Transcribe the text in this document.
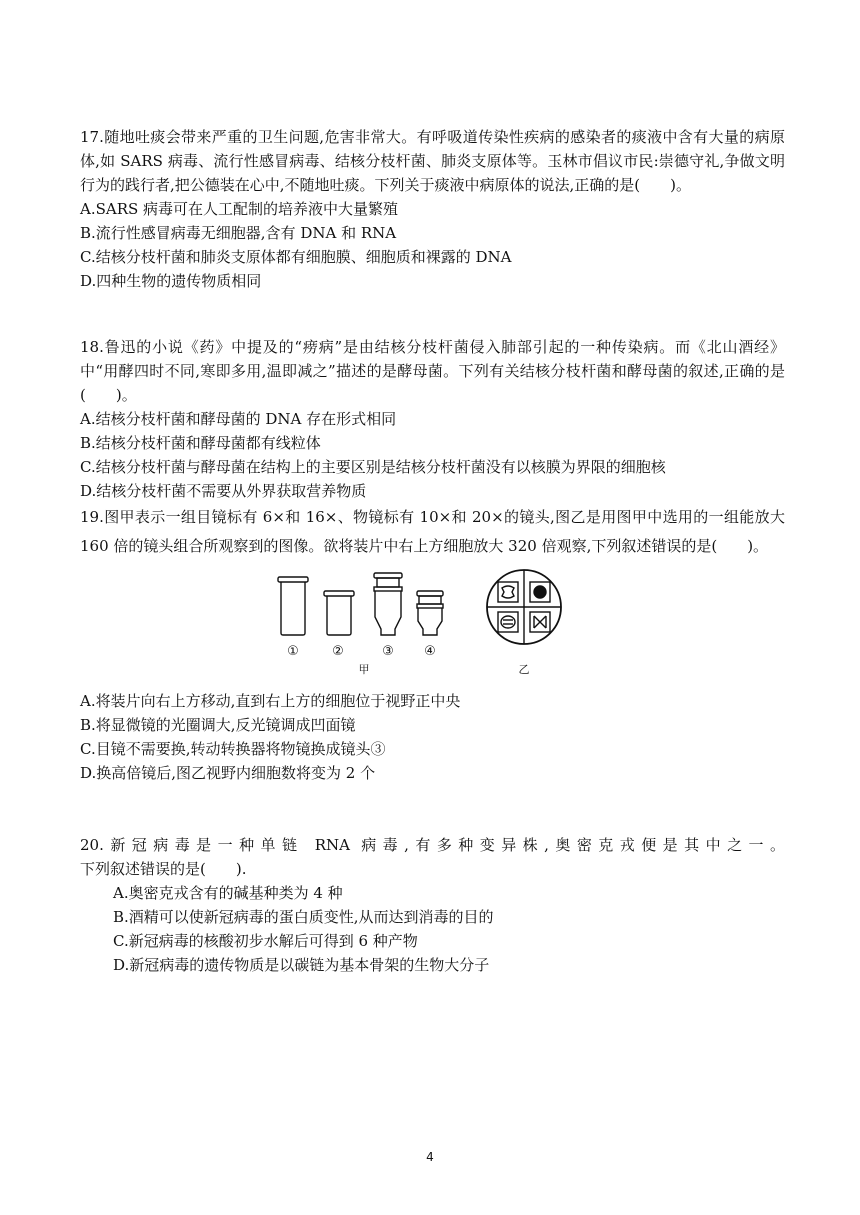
17.随地吐痰会带来严重的卫生问题,危害非常大。有呼吸道传染性疾病的感染者的痰液中含有大量的病原体,如 SARS 病毒、流行性感冒病毒、结核分枝杆菌、肺炎支原体等。玉林市倡议市民:崇德守礼,争做文明行为的践行者,把公德装在心中,不随地吐痰。下列关于痰液中病原体的说法,正确的是(　　)。

A.SARS 病毒可在人工配制的培养液中大量繁殖

B.流行性感冒病毒无细胞器,含有 DNA 和 RNA

C.结核分枝杆菌和肺炎支原体都有细胞膜、细胞质和裸露的 DNA

D.四种生物的遗传物质相同

18.鲁迅的小说《药》中提及的“痨病”是由结核分枝杆菌侵入肺部引起的一种传染病。而《北山酒经》中“用酵四时不同,寒即多用,温即减之”描述的是酵母菌。下列有关结核分枝杆菌和酵母菌的叙述,正确的是(　　)。

A.结核分枝杆菌和酵母菌的 DNA 存在形式相同

B.结核分枝杆菌和酵母菌都有线粒体

C.结核分枝杆菌与酵母菌在结构上的主要区别是结核分枝杆菌没有以核膜为界限的细胞核

D.结核分枝杆菌不需要从外界获取营养物质

19.图甲表示一组目镜标有 6×和 16×、物镜标有 10×和 20×的镜头,图乙是用图甲中选用的一组能放大 160 倍的镜头组合所观察到的图像。欲将装片中右上方细胞放大 320 倍观察,下列叙述错误的是(　　)。

①	②	③ ④
甲	乙

A.将装片向右上方移动,直到右上方的细胞位于视野正中央

B.将显微镜的光圈调大,反光镜调成凹面镜

C.目镜不需要换,转动转换器将物镜换成镜头③

D.换高倍镜后,图乙视野内细胞数将变为 2 个

20.新冠病毒是一种单链 RNA 病毒,有多种变异株,奥密克戎便是其中之一。

下列叙述错误的是(　　).

A.奥密克戎含有的碱基种类为 4 种

B.酒精可以使新冠病毒的蛋白质变性,从而达到消毒的目的

C.新冠病毒的核酸初步水解后可得到 6 种产物

D.新冠病毒的遗传物质是以碳链为基本骨架的生物大分子

4
